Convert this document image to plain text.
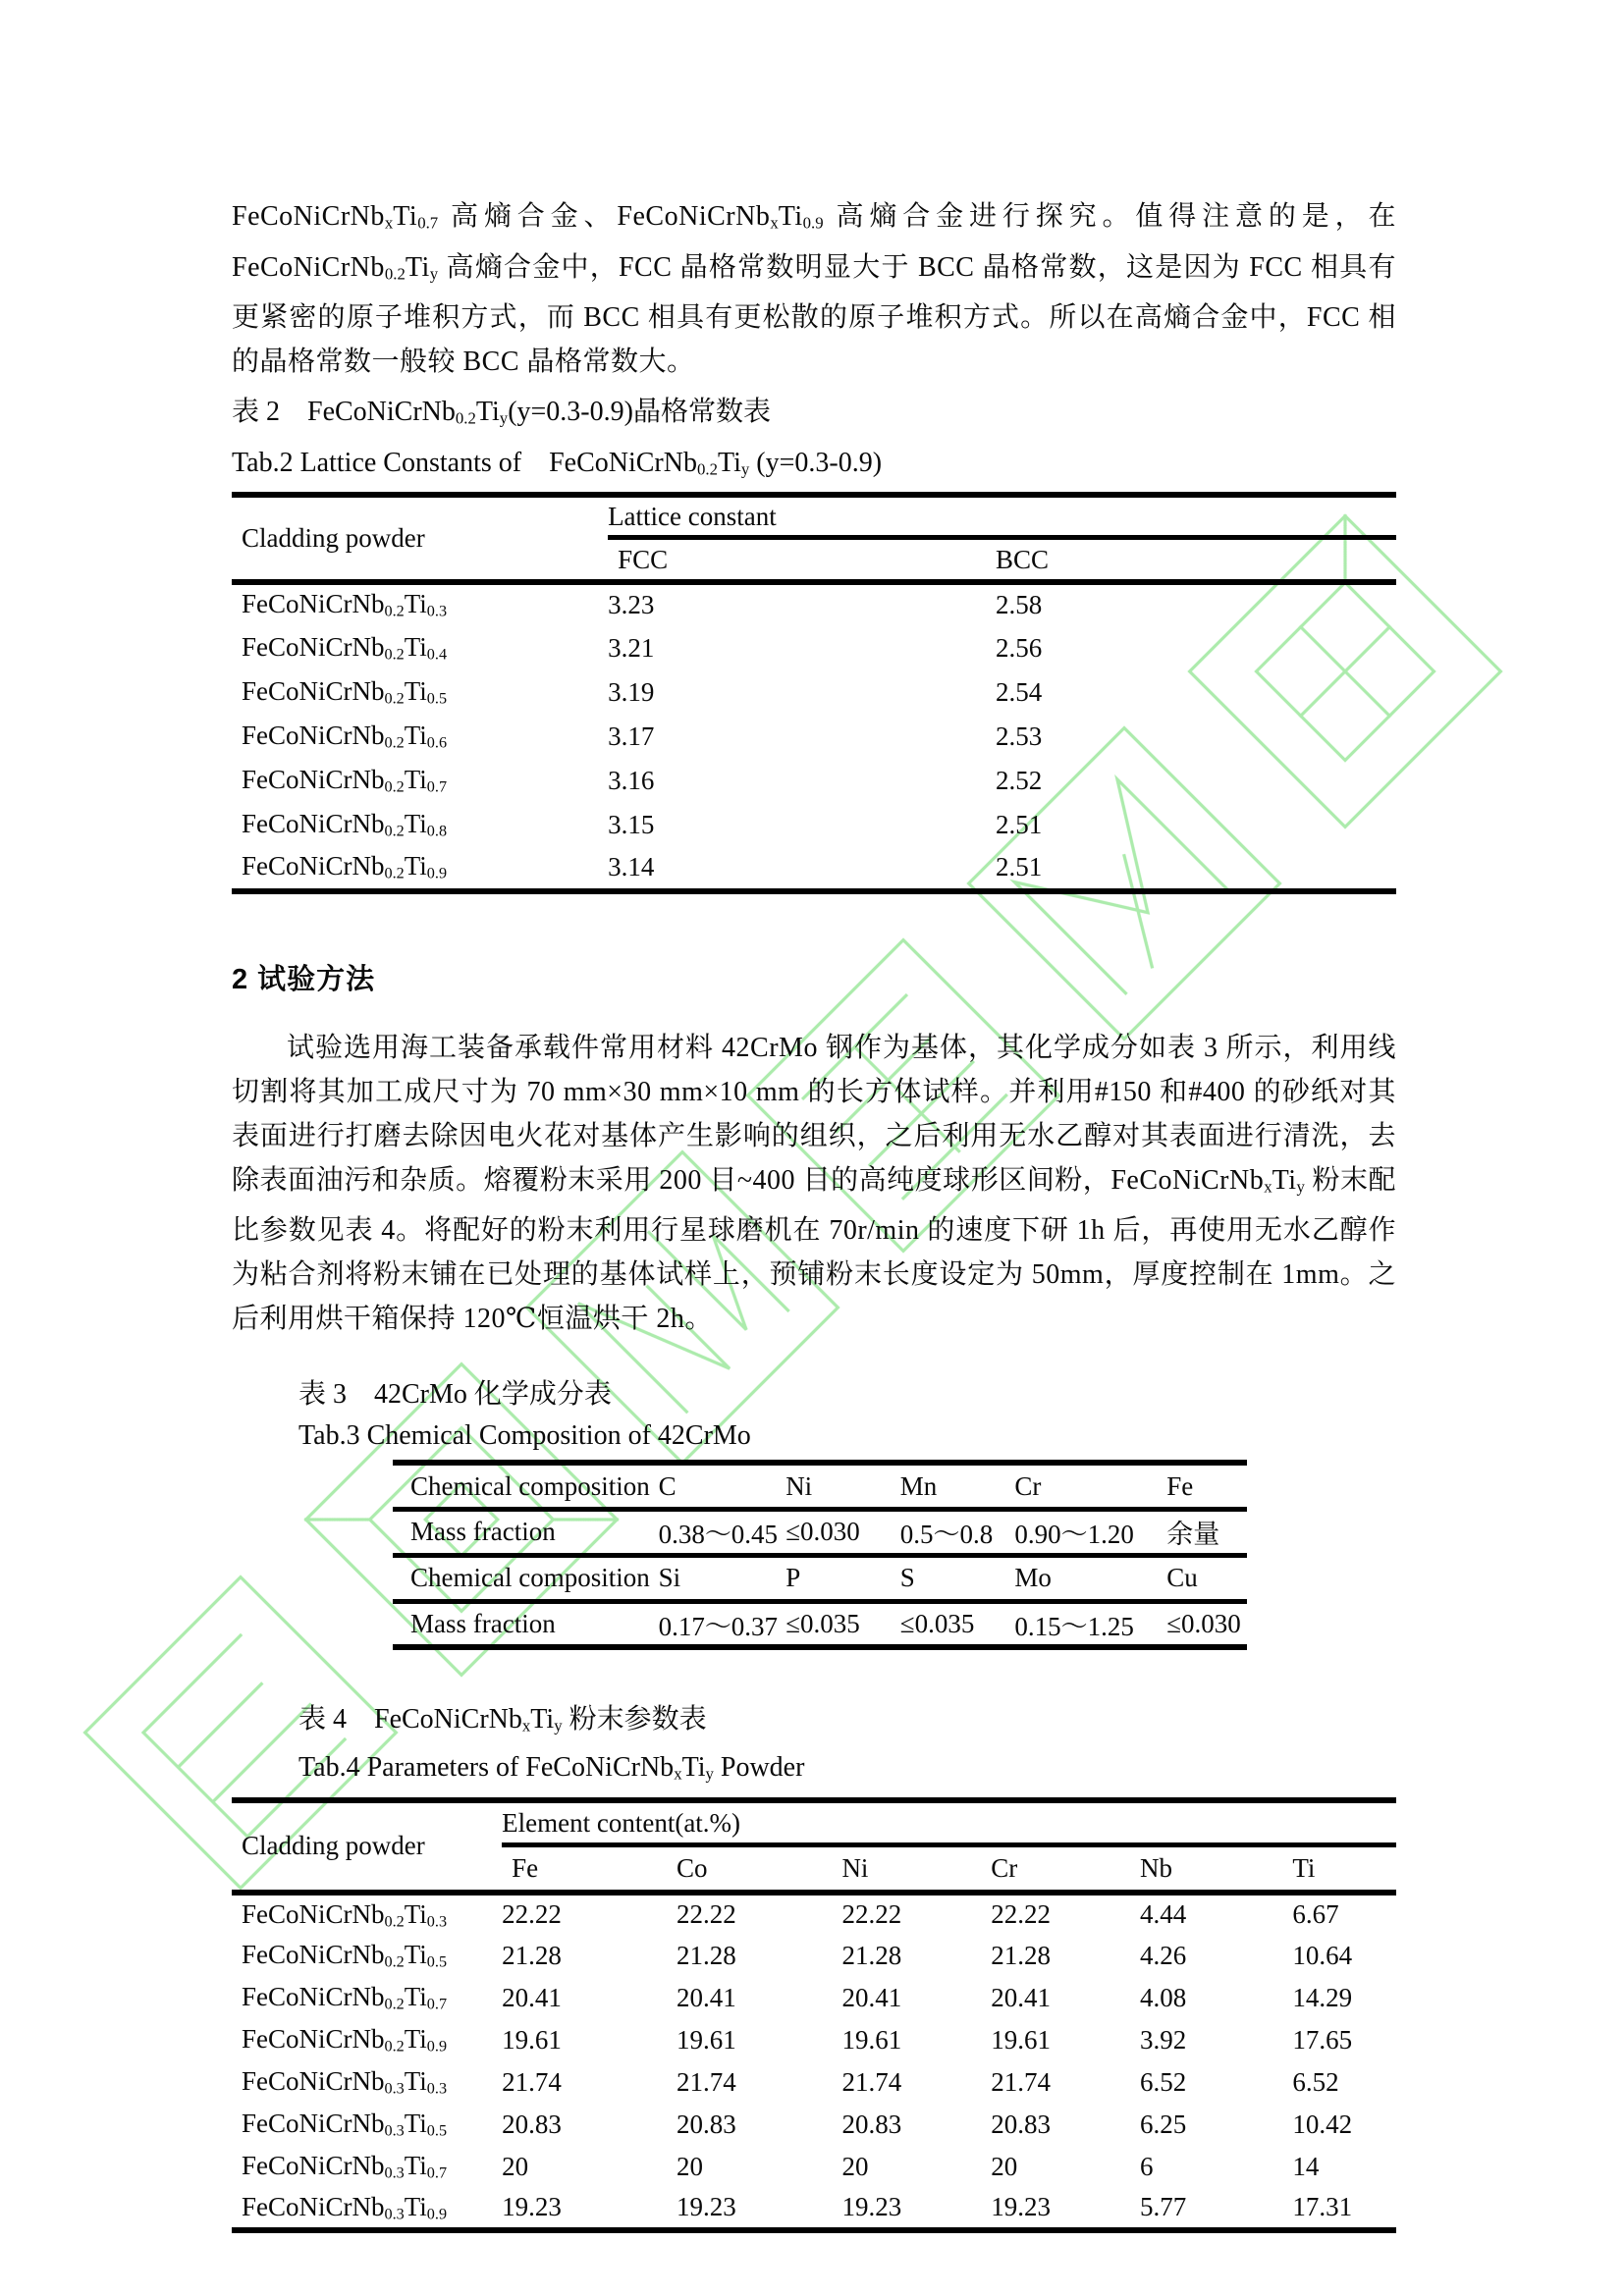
$FeCoNiCrNb_xTi_{0.7}$ 高熵合金、$FeCoNiCrNb_xTi_{0.9}$ 高熵合金进行探究。值得注意的是，在 $FeCoNiCrNb_{0.2}Ti_y$ 高熵合金中，FCC 晶格常数明显大于 BCC 晶格常数，这是因为 FCC 相具有更紧密的原子堆积方式，而 BCC 相具有更松散的原子堆积方式。所以在高熵合金中，FCC 相的晶格常数一般较 BCC 晶格常数大。

表 2　$FeCoNiCrNb_{0.2}Ti_y(y=0.3-0.9)$晶格常数表
Tab.2 Lattice Constants of　$FeCoNiCrNb_{0.2}Ti_y$ (y=0.3-0.9)
Cladding powder	Lattice constant	
	FCC	BCC
$FeCoNiCrNb_{0.2}Ti_{0.3}$	3.23	2.58
$FeCoNiCrNb_{0.2}Ti_{0.4}$	3.21	2.56
$FeCoNiCrNb_{0.2}Ti_{0.5}$	3.19	2.54
$FeCoNiCrNb_{0.2}Ti_{0.6}$	3.17	2.53
$FeCoNiCrNb_{0.2}Ti_{0.7}$	3.16	2.52
$FeCoNiCrNb_{0.2}Ti_{0.8}$	3.15	2.51
$FeCoNiCrNb_{0.2}Ti_{0.9}$	3.14	2.51
2 试验方法

试验选用海工装备承载件常用材料 42CrMo 钢作为基体，其化学成分如表 3 所示，利用线切割将其加工成尺寸为 70 mm×30 mm×10 mm 的长方体试样。并利用#150 和#400 的砂纸对其表面进行打磨去除因电火花对基体产生影响的组织，之后利用无水乙醇对其表面进行清洗，去除表面油污和杂质。熔覆粉末采用 200 目~400 目的高纯度球形区间粉，$FeCoNiCrNb_xTi_y$ 粉末配比参数见表 4。将配好的粉末利用行星球磨机在 70r/min 的速度下研 1h 后，再使用无水乙醇作为粘合剂将粉末铺在已处理的基体试样上，预铺粉末长度设定为 50mm，厚度控制在 1mm。之后利用烘干箱保持 120℃恒温烘干 2h。

表 3　42CrMo 化学成分表
Tab.3 Chemical Composition of 42CrMo
Chemical composition	C	Ni	Mn	Cr	Fe
Mass fraction	0.38～0.45	≤0.030	0.5～0.8	0.90～1.20	余量
Chemical composition	Si	P	S	Mo	Cu
Mass fraction	0.17～0.37	≤0.035	≤0.035	0.15～1.25	≤0.030
表 4　$FeCoNiCrNb_xTi_y$ 粉末参数表
Tab.4 Parameters of $FeCoNiCrNb_xTi_y$ Powder
Cladding powder	Element content(at.%)					
	Fe	Co	Ni	Cr	Nb	Ti
$FeCoNiCrNb_{0.2}Ti_{0.3}$	22.22	22.22	22.22	22.22	4.44	6.67
$FeCoNiCrNb_{0.2}Ti_{0.5}$	21.28	21.28	21.28	21.28	4.26	10.64
$FeCoNiCrNb_{0.2}Ti_{0.7}$	20.41	20.41	20.41	20.41	4.08	14.29
$FeCoNiCrNb_{0.2}Ti_{0.9}$	19.61	19.61	19.61	19.61	3.92	17.65
$FeCoNiCrNb_{0.3}Ti_{0.3}$	21.74	21.74	21.74	21.74	6.52	6.52
$FeCoNiCrNb_{0.3}Ti_{0.5}$	20.83	20.83	20.83	20.83	6.25	10.42
$FeCoNiCrNb_{0.3}Ti_{0.7}$	20	20	20	20	6	14
$FeCoNiCrNb_{0.3}Ti_{0.9}$	19.23	19.23	19.23	19.23	5.77	17.31
